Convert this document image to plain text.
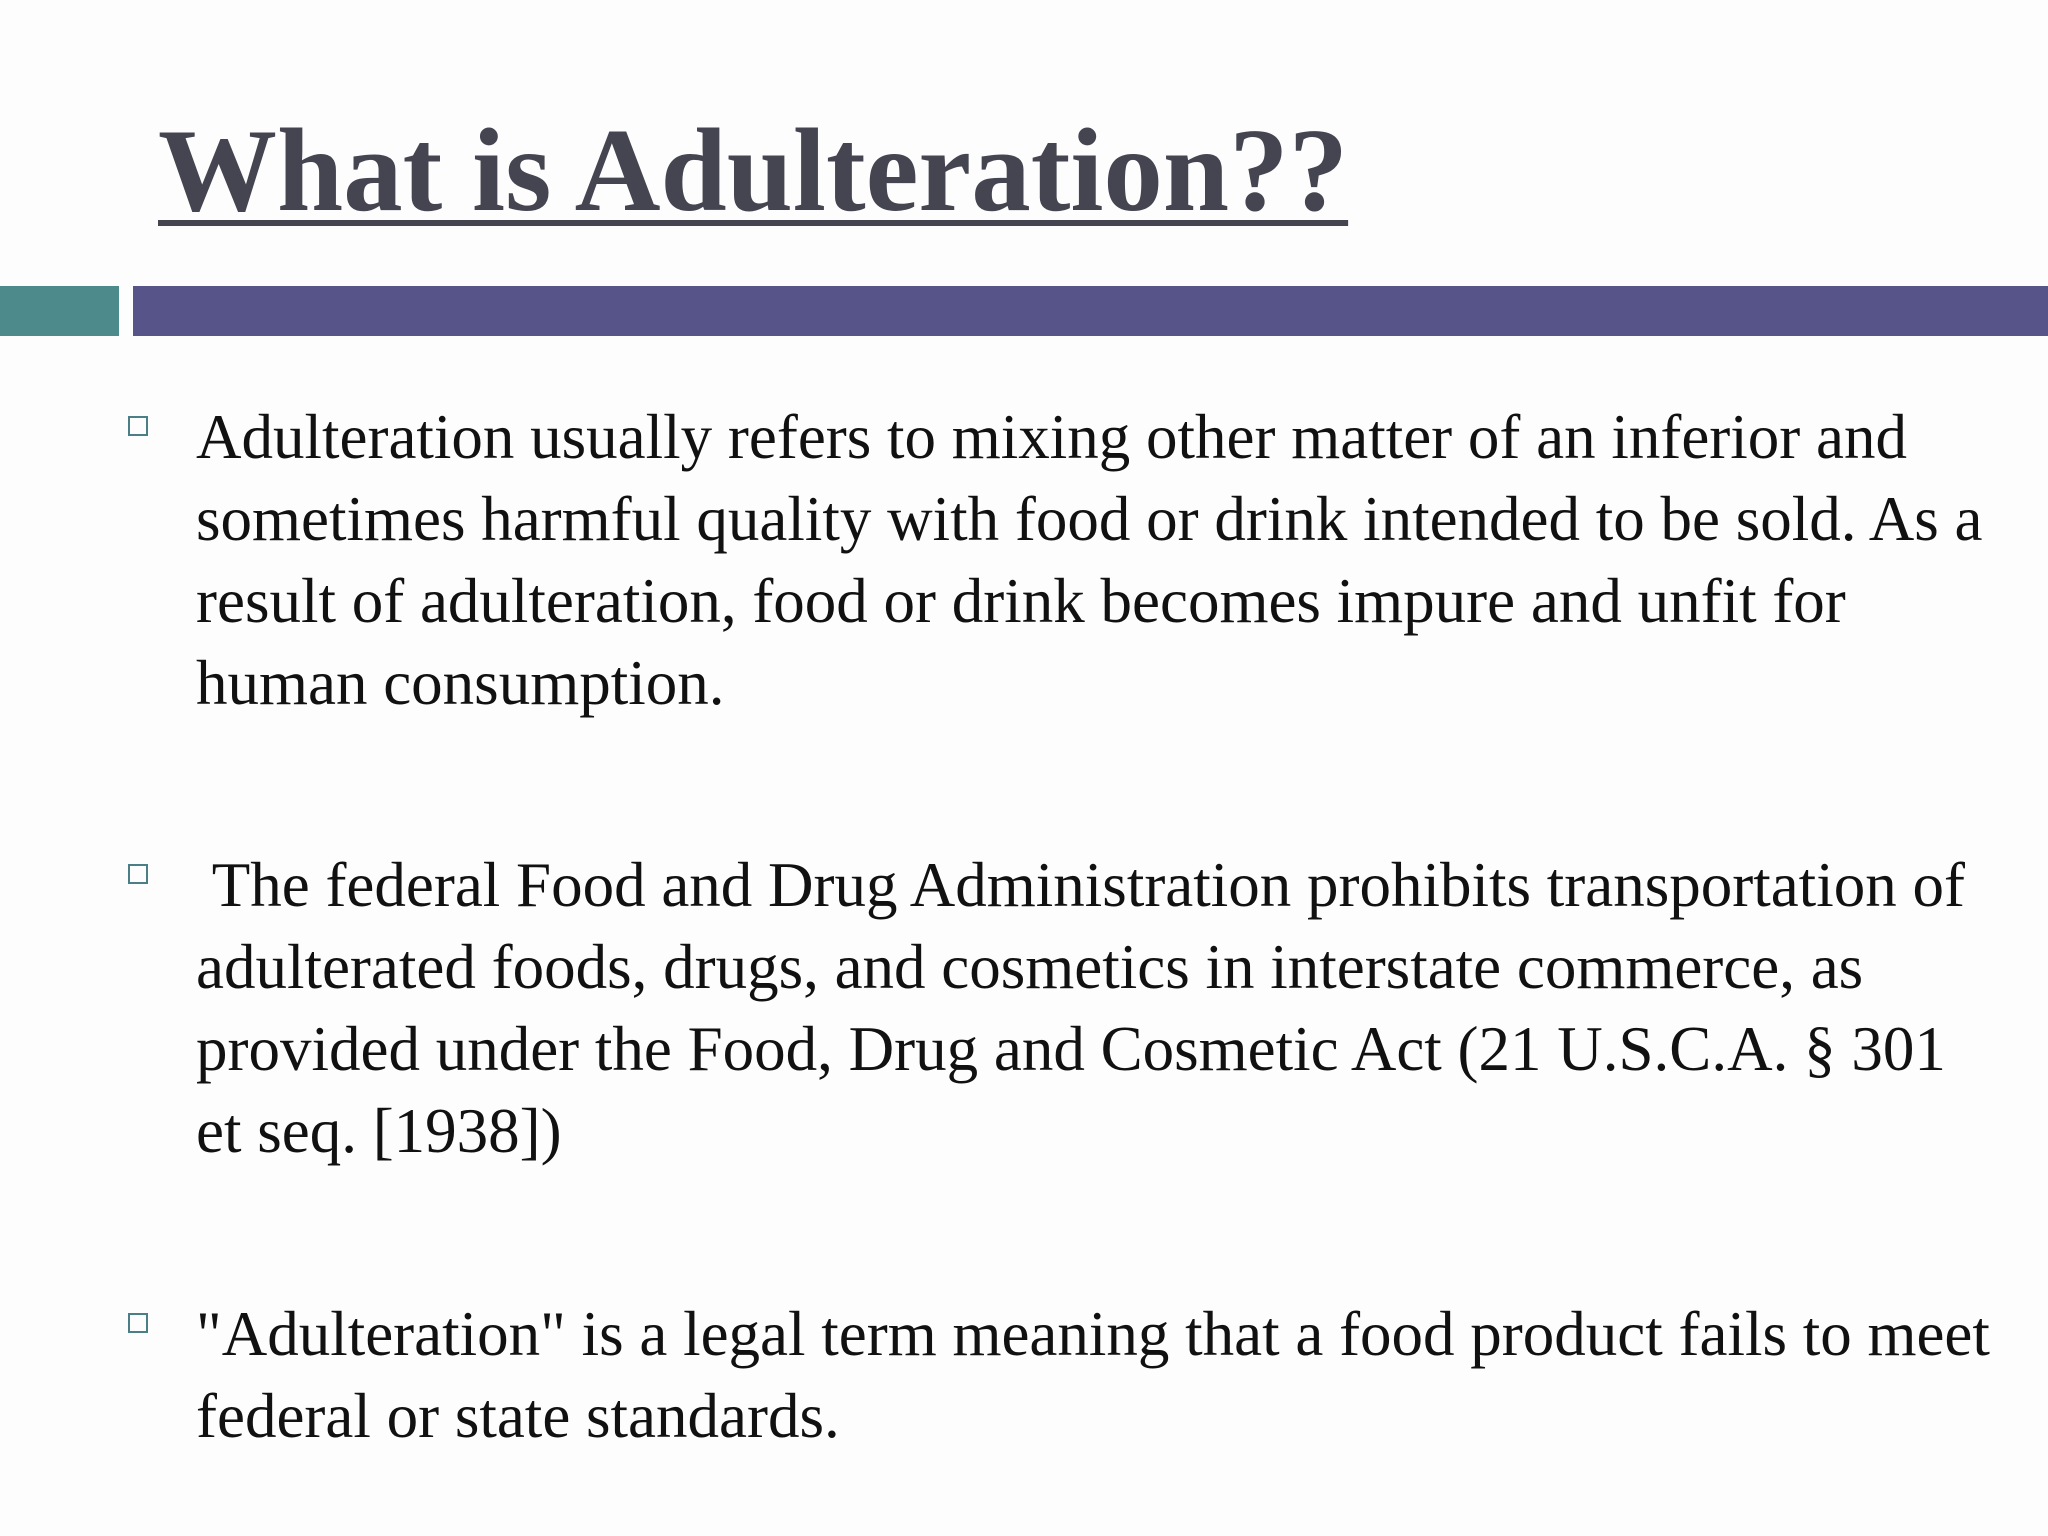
What is Adulteration??

Adulteration usually refers to mixing other matter of an inferior and sometimes harmful quality with food or drink intended to be sold. As a result of adulteration, food or drink becomes impure and unfit for human consumption.

The federal Food and Drug Administration prohibits transportation of adulterated foods, drugs, and cosmetics in interstate commerce, as provided under the Food, Drug and Cosmetic Act (21 U.S.C.A. § 301 et seq. [1938])

"Adulteration" is a legal term meaning that a food product fails to meet federal or state standards.
